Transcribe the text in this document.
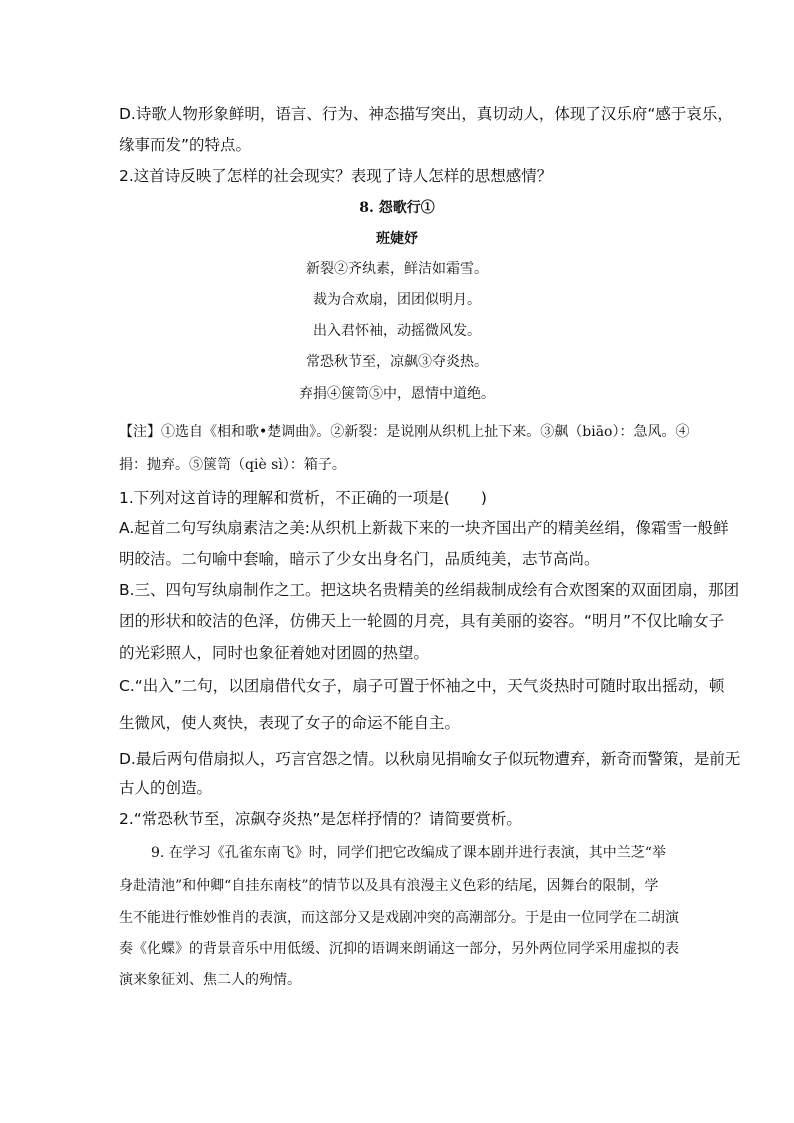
D.诗歌人物形象鲜明，语言、行为、神态描写突出，真切动人，体现了汉乐府“感于哀乐，
缘事而发”的特点。
2.这首诗反映了怎样的社会现实？表现了诗人怎样的思想感情？
8. 怨歌行①
班婕妤
新裂②齐纨素，鲜洁如霜雪。
裁为合欢扇，团团似明月。
出入君怀袖，动摇微风发。
常恐秋节至，凉飙③夺炎热。
弃捐④箧笥⑤中，恩情中道绝。
【注】①选自《相和歌•楚调曲》。②新裂：是说刚从织机上扯下来。③飙（biāo）：急风。④
捐：抛弃。⑤箧笥（qiè sì）：箱子。
1.下列对这首诗的理解和赏析，不正确的一项是(　　)
A.起首二句写纨扇素洁之美:从织机上新裁下来的一块齐国出产的精美丝绢，像霜雪一般鲜
明皎洁。二句喻中套喻，暗示了少女出身名门，品质纯美，志节高尚。
B.三、四句写纨扇制作之工。把这块名贵精美的丝绢裁制成绘有合欢图案的双面团扇，那团
团的形状和皎洁的色泽，仿佛天上一轮圆的月亮，具有美丽的姿容。“明月”不仅比喻女子
的光彩照人，同时也象征着她对团圆的热望。
C.“出入”二句，以团扇借代女子，扇子可置于怀袖之中，天气炎热时可随时取出摇动，顿
生微风，使人爽快，表现了女子的命运不能自主。
D.最后两句借扇拟人，巧言宫怨之情。以秋扇见捐喻女子似玩物遭弃，新奇而警策，是前无
古人的创造。
2.“常恐秋节至，凉飙夺炎热”是怎样抒情的？请简要赏析。
9. 在学习《孔雀东南飞》时，同学们把它改编成了课本剧并进行表演，其中兰芝“举
身赴清池”和仲卿“自挂东南枝”的情节以及具有浪漫主义色彩的结尾，因舞台的限制，学
生不能进行惟妙惟肖的表演，而这部分又是戏剧冲突的高潮部分。于是由一位同学在二胡演
奏《化蝶》的背景音乐中用低缓、沉抑的语调来朗诵这一部分，另外两位同学采用虚拟的表
演来象征刘、焦二人的殉情。
